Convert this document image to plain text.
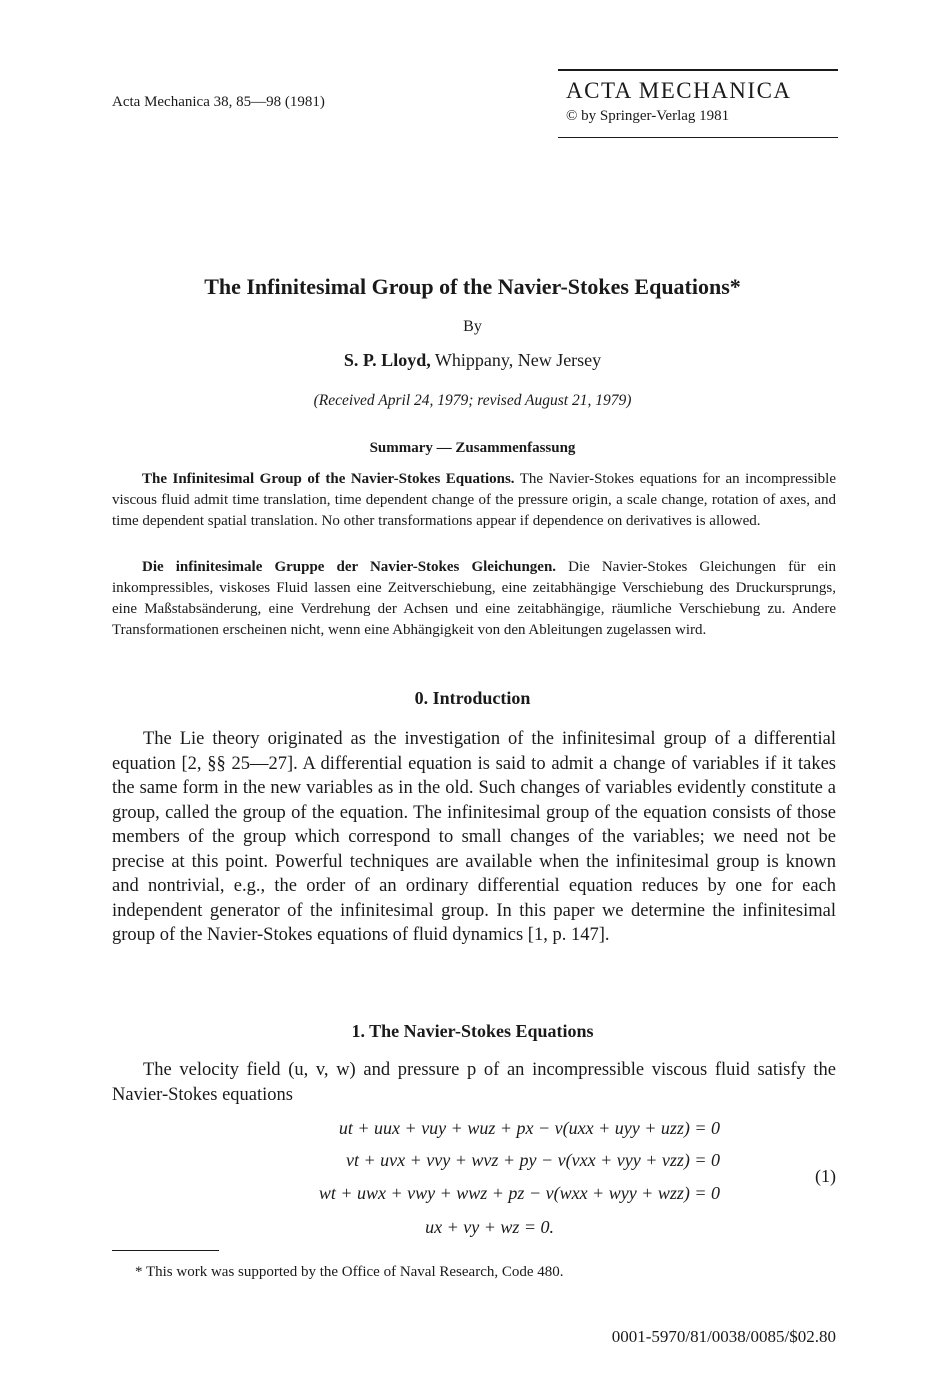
Acta Mechanica 38, 85—98 (1981)	ACTA MECHANICA
© by Springer-Verlag 1981
The Infinitesimal Group of the Navier-Stokes Equations*
By
S. P. Lloyd, Whippany, New Jersey
(Received April 24, 1979; revised August 21, 1979)
Summary — Zusammenfassung
The Infinitesimal Group of the Navier-Stokes Equations. The Navier-Stokes equations for an incompressible viscous fluid admit time translation, time dependent change of the pressure origin, a scale change, rotation of axes, and time dependent spatial translation. No other transformations appear if dependence on derivatives is allowed.
Die infinitesimale Gruppe der Navier-Stokes Gleichungen. Die Navier-Stokes Gleichungen für ein inkompressibles, viskoses Fluid lassen eine Zeitverschiebung, eine zeitabhängige Verschiebung des Druckursprungs, eine Maßstabsänderung, eine Verdrehung der Achsen und eine zeitabhängige, räumliche Verschiebung zu. Andere Transformationen erscheinen nicht, wenn eine Abhängigkeit von den Ableitungen zugelassen wird.
0. Introduction
The Lie theory originated as the investigation of the infinitesimal group of a differential equation [2, §§ 25—27]. A differential equation is said to admit a change of variables if it takes the same form in the new variables as in the old. Such changes of variables evidently constitute a group, called the group of the equation. The infinitesimal group of the equation consists of those members of the group which correspond to small changes of the variables; we need not be precise at this point. Powerful techniques are available when the infinitesimal group is known and nontrivial, e.g., the order of an ordinary differential equation reduces by one for each independent generator of the infinitesimal group. In this paper we determine the infinitesimal group of the Navier-Stokes equations of fluid dynamics [1, p. 147].
1. The Navier-Stokes Equations
The velocity field (u, v, w) and pressure p of an incompressible viscous fluid satisfy the Navier-Stokes equations
ut + uux + vuy + wuz + px − ν(uxx + uyy + uzz) = 0
vt + uvx + vvy + wvz + py − ν(vxx + vyy + vzz) = 0
wt + uwx + vwy + wwz + pz − ν(wxx + wyy + wzz) = 0
ux + vy + wz = 0.
(1)
* This work was supported by the Office of Naval Research, Code 480.
0001-5970/81/0038/0085/$02.80
